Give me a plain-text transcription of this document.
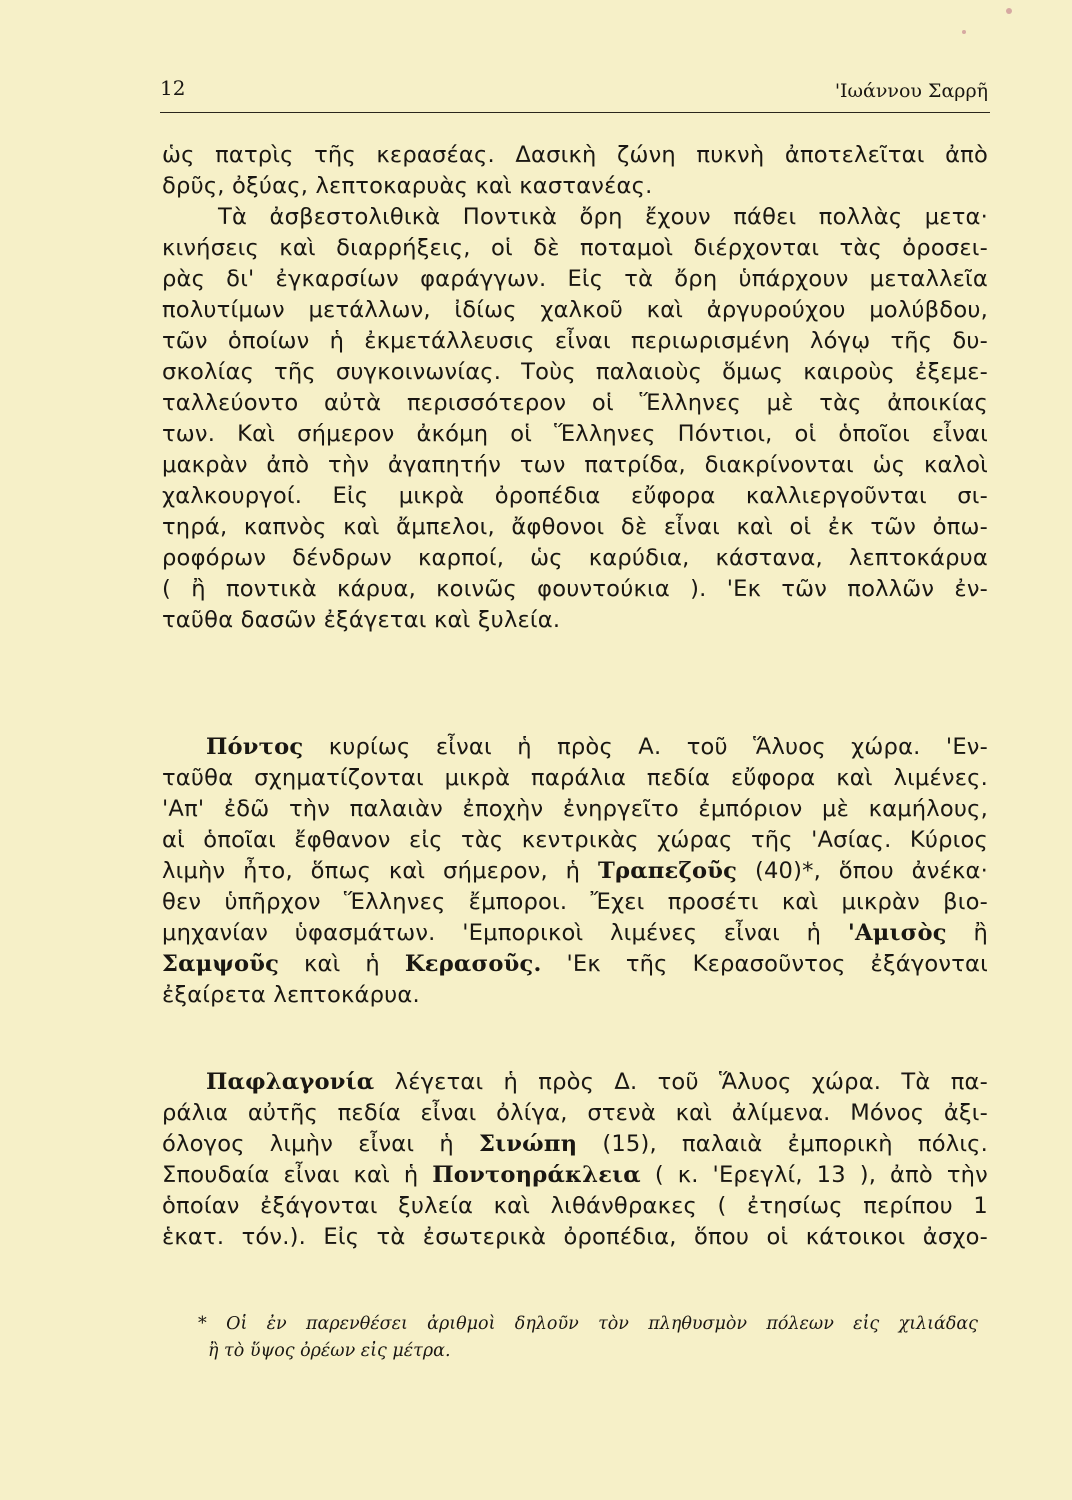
12	'Ιωάννου Σαρρῆ
ὡς πατρὶς τῆς κερασέας. Δασικὴ ζώνη πυκνὴ ἀποτελεῖται ἀπὸ
δρῦς, ὀξύας, λεπτοκαρυὰς καὶ καστανέας.
Τὰ ἀσβεστολιθικὰ Ποντικὰ ὄρη ἔχουν πάθει πολλὰς μετα·
κινήσεις καὶ διαρρήξεις, οἱ δὲ ποταμοὶ διέρχονται τὰς ὀροσει-
ρὰς δι' ἐγκαρσίων φαράγγων. Εἰς τὰ ὄρη ὑπάρχουν μεταλλεῖα
πολυτίμων μετάλλων, ἰδίως χαλκοῦ καὶ ἀργυρούχου μολύβδου,
τῶν ὁποίων ἡ ἐκμετάλλευσις εἶναι περιωρισμένη λόγῳ τῆς δυ-
σκολίας τῆς συγκοινωνίας. Τοὺς παλαιοὺς ὅμως καιροὺς ἐξεμε-
ταλλεύοντο αὐτὰ περισσότερον οἱ Ἕλληνες μὲ τὰς ἀποικίας
των. Καὶ σήμερον ἀκόμη οἱ Ἕλληνες Πόντιοι, οἱ ὁποῖοι εἶναι
μακρὰν ἀπὸ τὴν ἀγαπητήν των πατρίδα, διακρίνονται ὡς καλοὶ
χαλκουργοί. Εἰς μικρὰ ὀροπέδια εὔφορα καλλιεργοῦνται σι-
τηρά, καπνὸς καὶ ἄμπελοι, ἄφθονοι δὲ εἶναι καὶ οἱ ἐκ τῶν ὀπω-
ροφόρων δένδρων καρποί, ὡς καρύδια, κάστανα, λεπτοκάρυα
( ἢ ποντικὰ κάρυα, κοινῶς φουντούκια ). 'Εκ τῶν πολλῶν ἐν-
ταῦθα δασῶν ἐξάγεται καὶ ξυλεία.
Πόντος κυρίως εἶναι ἡ πρὸς Α. τοῦ Ἅλυος χώρα. 'Εν-
ταῦθα σχηματίζονται μικρὰ παράλια πεδία εὔφορα καὶ λιμένες.
'Απ' ἐδῶ τὴν παλαιὰν ἐποχὴν ἐνηργεῖτο ἐμπόριον μὲ καμήλους,
αἱ ὁποῖαι ἔφθανον εἰς τὰς κεντρικὰς χώρας τῆς 'Ασίας. Κύριος
λιμὴν ἦτο, ὅπως καὶ σήμερον, ἡ Τραπεζοῦς (40)*, ὅπου ἀνέκα·
θεν ὑπῆρχον Ἕλληνες ἔμποροι. Ἔχει προσέτι καὶ μικρὰν βιο-
μηχανίαν ὑφασμάτων. 'Εμπορικοὶ λιμένες εἶναι ἡ 'Αμισὸς ἢ
Σαμψοῦς καὶ ἡ Κερασοῦς. 'Εκ τῆς Κερασοῦντος ἐξάγονται
ἐξαίρετα λεπτοκάρυα.
Παφλαγονία λέγεται ἡ πρὸς Δ. τοῦ Ἅλυος χώρα. Τὰ πα-
ράλια αὐτῆς πεδία εἶναι ὀλίγα, στενὰ καὶ ἀλίμενα. Μόνος ἀξι-
όλογος λιμὴν εἶναι ἡ Σινώπη (15), παλαιὰ ἐμπορικὴ πόλις.
Σπουδαία εἶναι καὶ ἡ Ποντοηράκλεια ( κ. 'Ερεγλί, 13 ), ἀπὸ τὴν
ὁποίαν ἐξάγονται ξυλεία καὶ λιθάνθρακες ( ἐτησίως περίπου 1
ἑκατ. τόν.). Εἰς τὰ ἐσωτερικὰ ὀροπέδια, ὅπου οἱ κάτοικοι ἀσχο-
* Οἱ ἐν παρενθέσει ἀριθμοὶ δηλοῦν τὸν πληθυσμὸν πόλεων εἰς χιλιάδας
ἢ τὸ ὕψος ὀρέων εἰς μέτρα.
